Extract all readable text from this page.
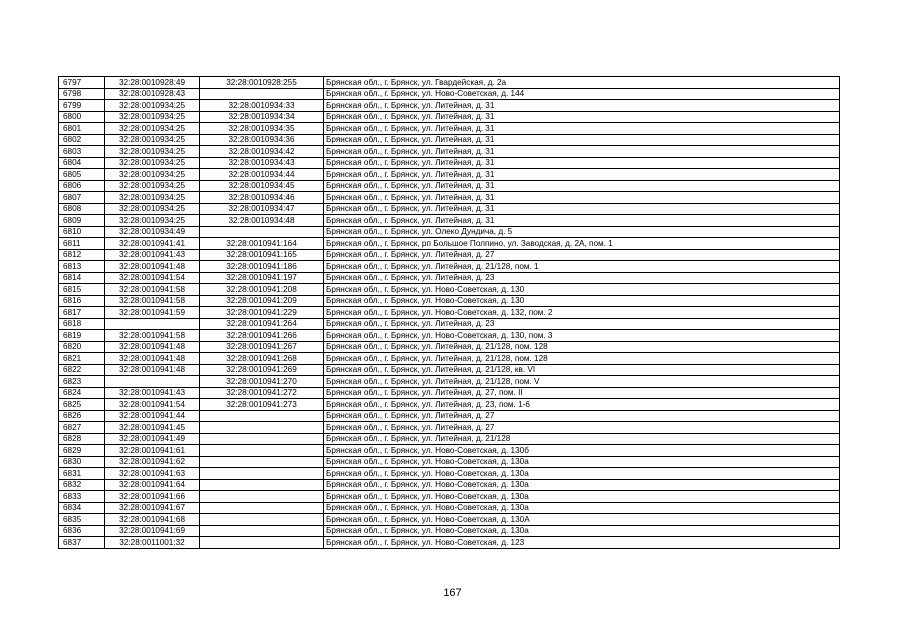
6797	32:28:0010928:49	32:28:0010928:255	Брянская обл., г. Брянск, ул. Гвардейская, д. 2а
6798	32:28:0010928:43		Брянская обл., г. Брянск, ул. Ново-Советская, д. 144
6799	32:28:0010934:25	32:28:0010934:33	Брянская обл., г. Брянск, ул. Литейная, д. 31
6800	32:28:0010934:25	32:28:0010934:34	Брянская обл., г. Брянск, ул. Литейная, д. 31
6801	32:28:0010934:25	32:28:0010934:35	Брянская обл., г. Брянск, ул. Литейная, д. 31
6802	32:28:0010934:25	32:28:0010934:36	Брянская обл., г. Брянск, ул. Литейная, д. 31
6803	32:28:0010934:25	32:28:0010934:42	Брянская обл., г. Брянск, ул. Литейная, д. 31
6804	32:28:0010934:25	32:28:0010934:43	Брянская обл., г. Брянск, ул. Литейная, д. 31
6805	32:28:0010934:25	32:28:0010934:44	Брянская обл., г. Брянск, ул. Литейная, д. 31
6806	32:28:0010934:25	32:28:0010934:45	Брянская обл., г. Брянск, ул. Литейная, д. 31
6807	32:28:0010934:25	32:28:0010934:46	Брянская обл., г. Брянск, ул. Литейная, д. 31
6808	32:28:0010934:25	32:28:0010934:47	Брянская обл., г. Брянск, ул. Литейная, д. 31
6809	32:28:0010934:25	32:28:0010934:48	Брянская обл., г. Брянск, ул. Литейная, д. 31
6810	32:28:0010934:49		Брянская обл., г. Брянск, ул. Олеко Дундича, д. 5
6811	32:28:0010941:41	32:28:0010941:164	Брянская обл., г. Брянск, рп Большое Полпино, ул. Заводская, д. 2А, пом. 1
6812	32:28:0010941:43	32:28:0010941:165	Брянская обл., г. Брянск, ул. Литейная, д. 27
6813	32:28:0010941:48	32:28:0010941:186	Брянская обл., г. Брянск, ул. Литейная, д. 21/128, пом. 1
6814	32:28:0010941:54	32:28:0010941:197	Брянская обл., г. Брянск, ул. Литейная, д. 23
6815	32:28:0010941:58	32:28:0010941:208	Брянская обл., г. Брянск, ул. Ново-Советская, д. 130
6816	32:28:0010941:58	32:28:0010941:209	Брянская обл., г. Брянск, ул. Ново-Советская, д. 130
6817	32:28:0010941:59	32:28:0010941:229	Брянская обл., г. Брянск, ул. Ново-Советская, д. 132, пом. 2
6818		32:28:0010941:264	Брянская обл., г. Брянск, ул. Литейная, д. 23
6819	32:28:0010941:58	32:28:0010941:266	Брянская обл., г. Брянск, ул. Ново-Советская, д. 130, пом. 3
6820	32:28:0010941:48	32:28:0010941:267	Брянская обл., г. Брянск, ул. Литейная, д. 21/128, пом. 128
6821	32:28:0010941:48	32:28:0010941:268	Брянская обл., г. Брянск, ул. Литейная, д. 21/128, пом. 128
6822	32:28:0010941:48	32:28:0010941:269	Брянская обл., г. Брянск, ул. Литейная, д. 21/128, кв. VI
6823		32:28:0010941:270	Брянская обл., г. Брянск, ул. Литейная, д. 21/128, пом. V
6824	32:28:0010941:43	32:28:0010941:272	Брянская обл., г. Брянск, ул. Литейная, д. 27, пом. II
6825	32:28:0010941:54	32:28:0010941:273	Брянская обл., г. Брянск, ул. Литейная, д. 23, пом. 1-6
6826	32:28:0010941:44		Брянская обл., г. Брянск, ул. Литейная, д. 27
6827	32:28:0010941:45		Брянская обл., г. Брянск, ул. Литейная, д. 27
6828	32:28:0010941:49		Брянская обл., г. Брянск, ул. Литейная, д. 21/128
6829	32:28:0010941:61		Брянская обл., г. Брянск, ул. Ново-Советская, д. 130б
6830	32:28:0010941:62		Брянская обл., г. Брянск, ул. Ново-Советская, д. 130а
6831	32:28:0010941:63		Брянская обл., г. Брянск, ул. Ново-Советская, д. 130а
6832	32:28:0010941:64		Брянская обл., г. Брянск, ул. Ново-Советская, д. 130а
6833	32:28:0010941:66		Брянская обл., г. Брянск, ул. Ново-Советская, д. 130а
6834	32:28:0010941:67		Брянская обл., г. Брянск, ул. Ново-Советская, д. 130а
6835	32:28:0010941:68		Брянская обл., г. Брянск, ул. Ново-Советская, д. 130А
6836	32:28:0010941:69		Брянская обл., г. Брянск, ул. Ново-Советская, д. 130а
6837	32:28:0011001:32		Брянская обл., г. Брянск, ул. Ново-Советская, д. 123
167
